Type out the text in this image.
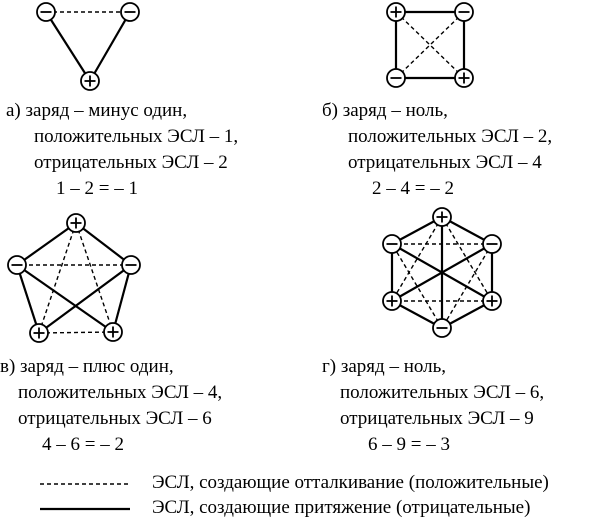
а) заряд – минус один,
положительных ЭСЛ – 1,
отрицательных ЭСЛ – 2
1 – 2 = – 1
б) заряд – ноль,
положительных ЭСЛ – 2,
отрицательных ЭСЛ – 4
2 – 4 = – 2
в) заряд – плюс один,
положительных ЭСЛ – 4,
отрицательных ЭСЛ – 6
4 – 6 = – 2
г) заряд – ноль,
положительных ЭСЛ – 6,
отрицательных ЭСЛ – 9
6 – 9 = – 3
ЭСЛ, создающие отталкивание (положительные)
ЭСЛ, создающие притяжение (отрицательные)
